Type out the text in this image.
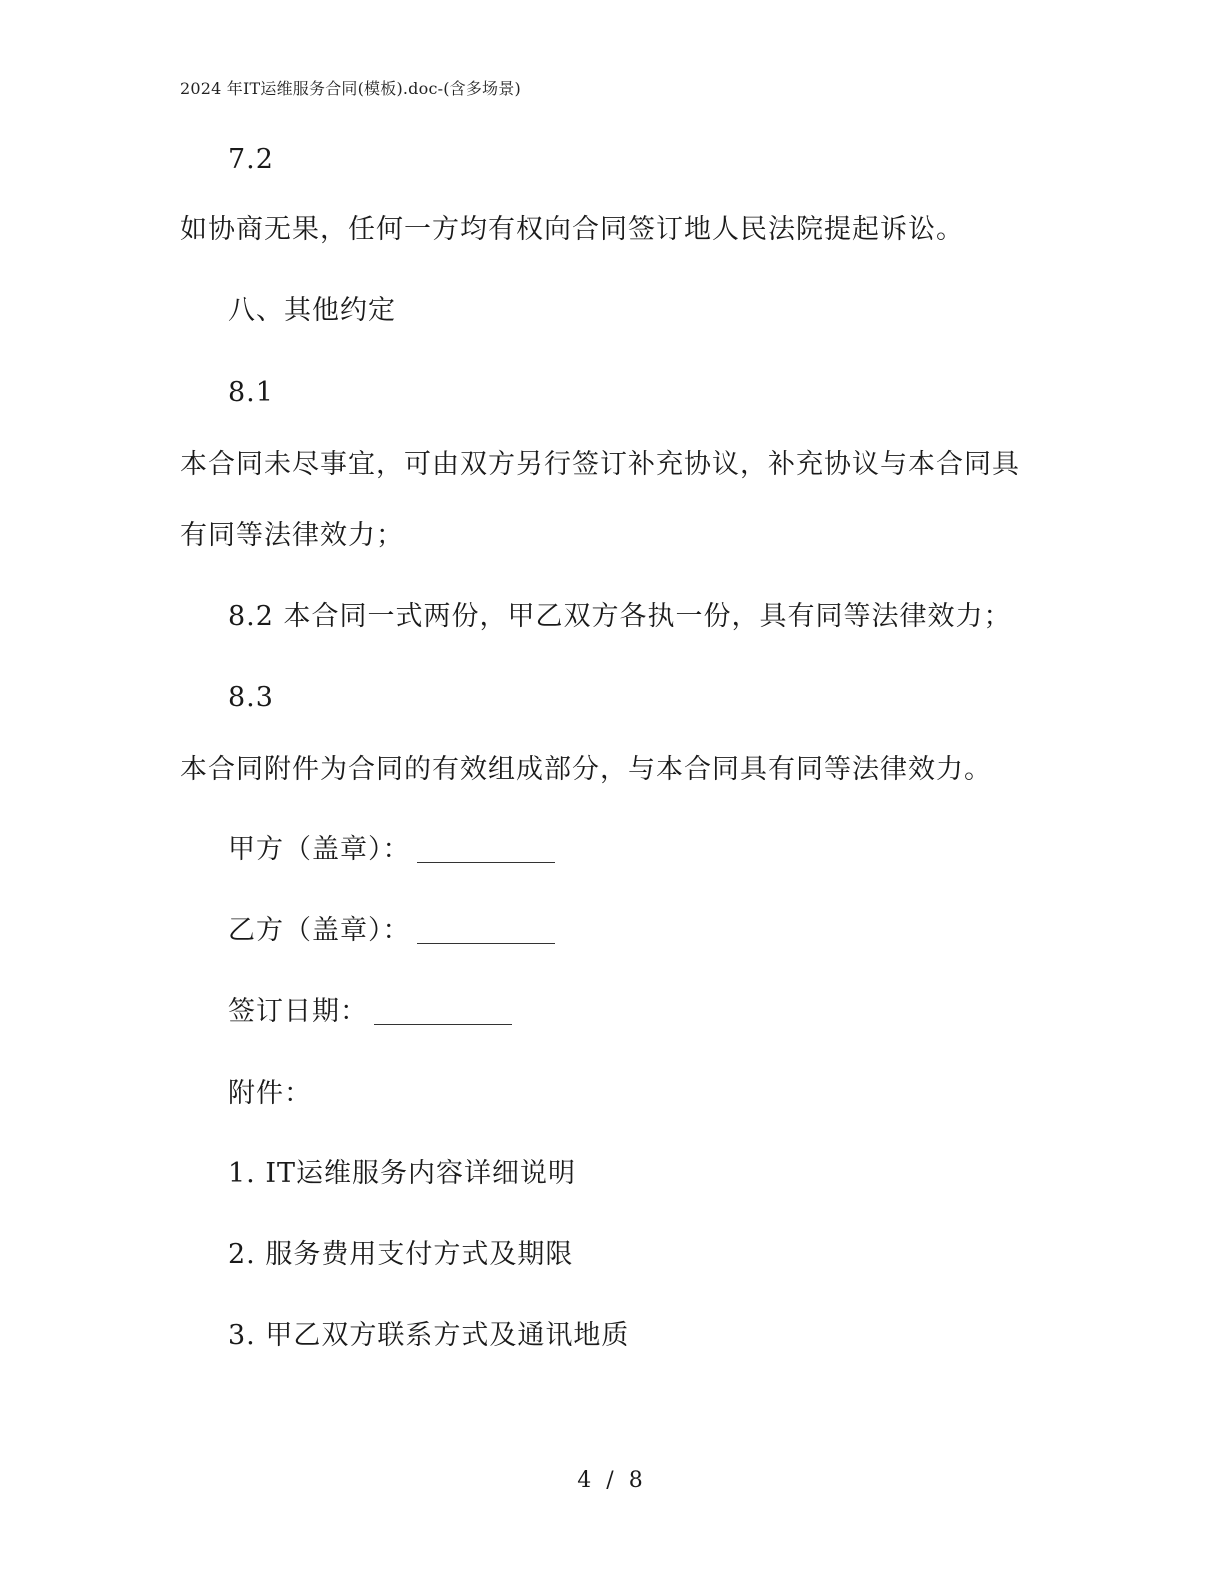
2024 年IT运维服务合同(模板).doc-(含多场景)
7.2
如协商无果，任何一方均有权向合同签订地人民法院提起诉讼。
八、其他约定
8.1
本合同未尽事宜，可由双方另行签订补充协议，补充协议与本合同具
有同等法律效力；
8.2 本合同一式两份，甲乙双方各执一份，具有同等法律效力；
8.3
本合同附件为合同的有效组成部分，与本合同具有同等法律效力。
甲方（盖章）：
乙方（盖章）：
签订日期：
附件：
1. IT运维服务内容详细说明
2. 服务费用支付方式及期限
3. 甲乙双方联系方式及通讯地质
4 / 8
